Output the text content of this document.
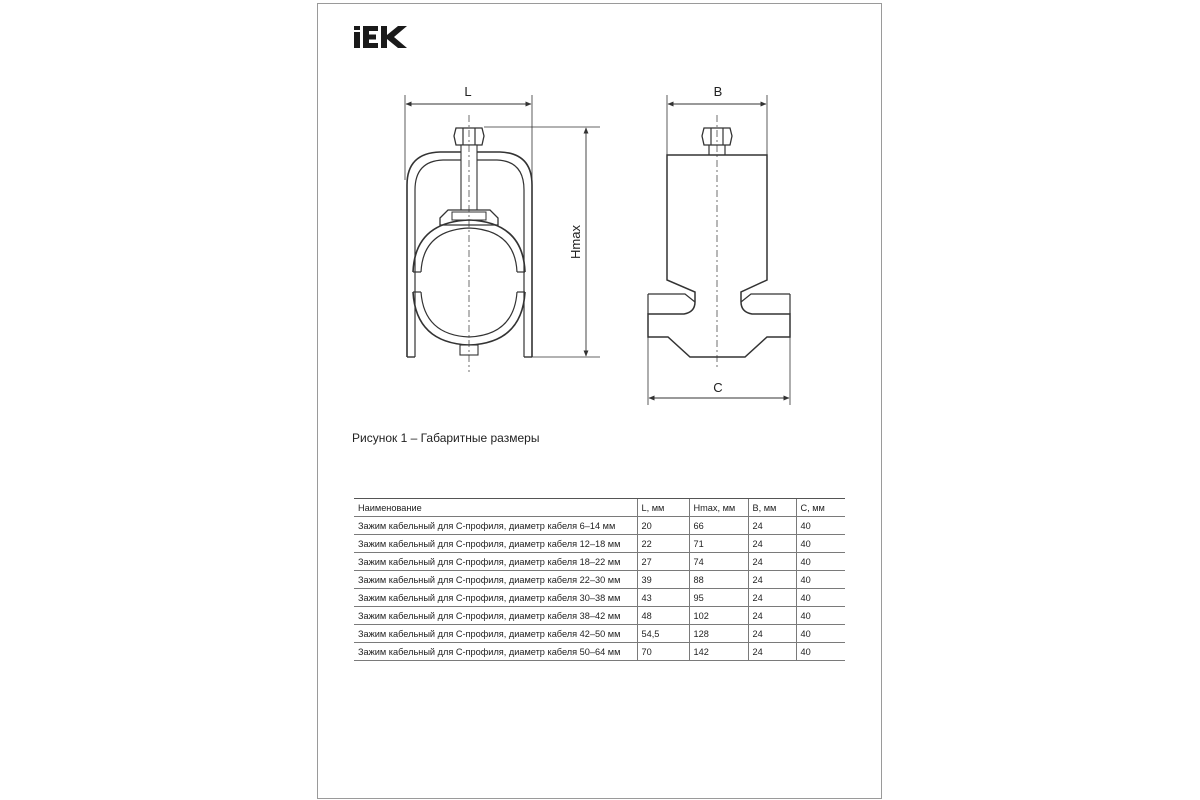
L	B
C
Hmax
Рисунок 1 – Габаритные размеры
Наименование	L, мм	Hmax, мм	B, мм	C, мм
Зажим кабельный для С-профиля, диаметр кабеля 6–14 мм	20	66	24	40
Зажим кабельный для С-профиля, диаметр кабеля 12–18 мм	22	71	24	40
Зажим кабельный для С-профиля, диаметр кабеля 18–22 мм	27	74	24	40
Зажим кабельный для С-профиля, диаметр кабеля 22–30 мм	39	88	24	40
Зажим кабельный для С-профиля, диаметр кабеля 30–38 мм	43	95	24	40
Зажим кабельный для С-профиля, диаметр кабеля 38–42 мм	48	102	24	40
Зажим кабельный для С-профиля, диаметр кабеля 42–50 мм	54,5	128	24	40
Зажим кабельный для С-профиля, диаметр кабеля 50–64 мм	70	142	24	40
